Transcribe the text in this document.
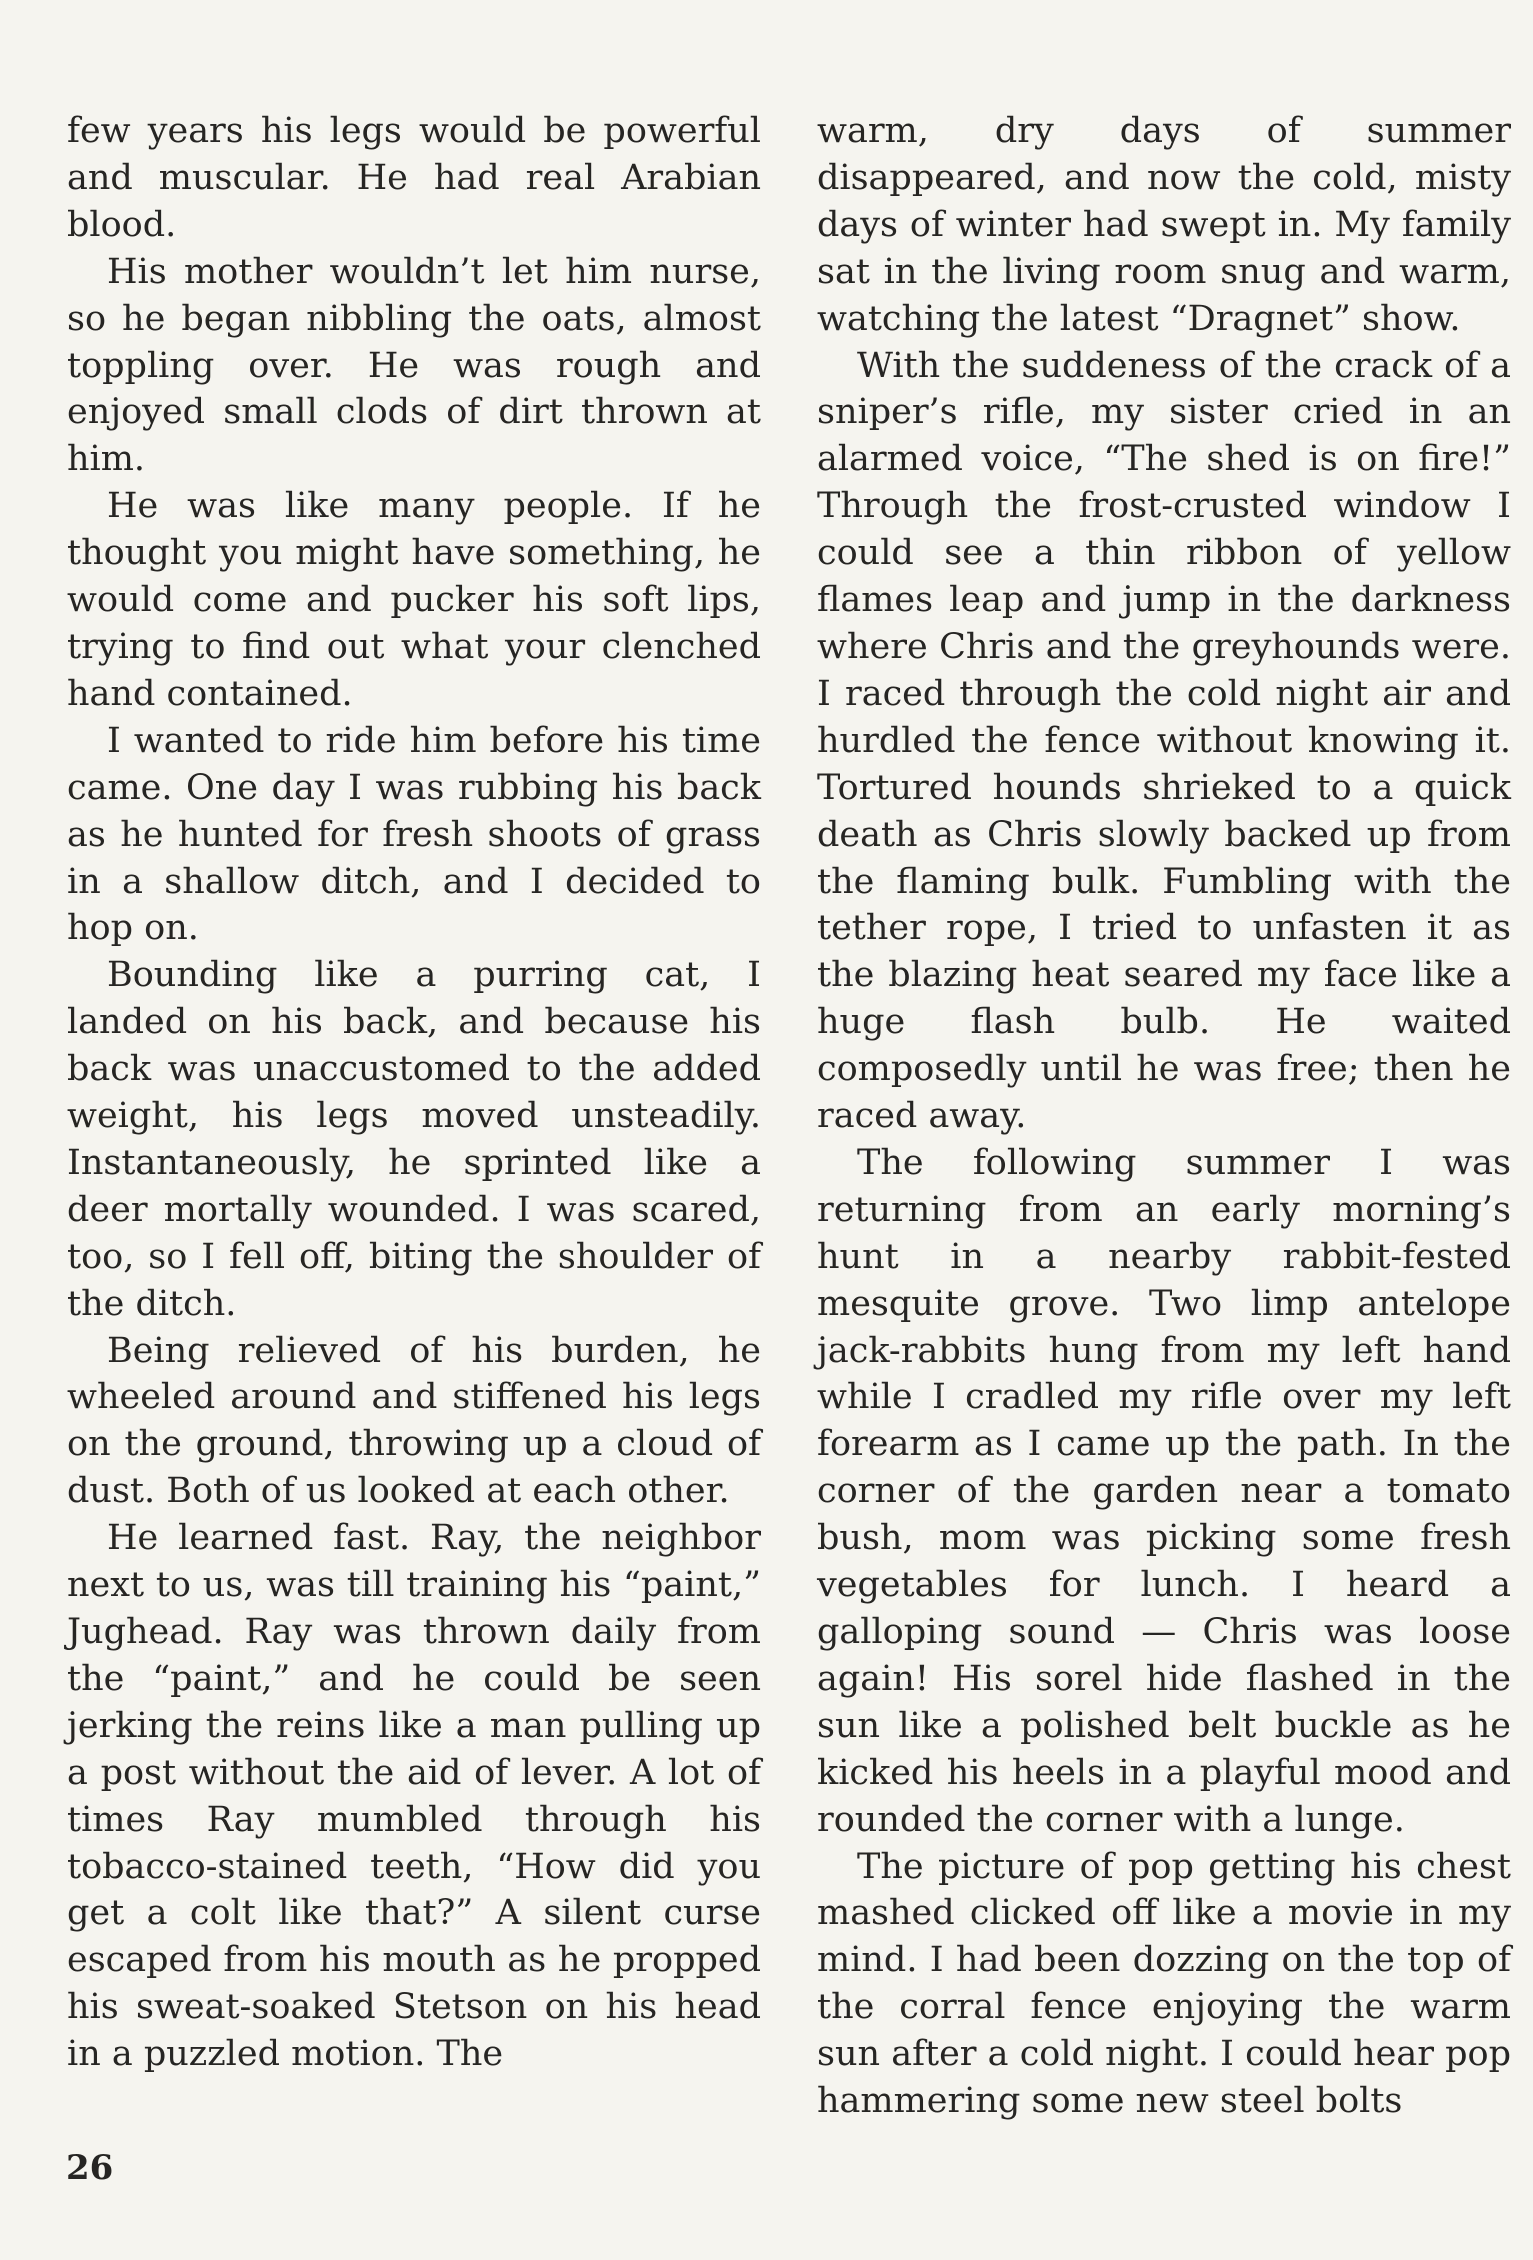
few years his legs would be powerful and muscular. He had real Arabian blood.

His mother wouldn’t let him nurse, so he began nibbling the oats, almost toppling over. He was rough and enjoyed small clods of dirt thrown at him.

He was like many people. If he thought you might have something, he would come and pucker his soft lips, trying to find out what your clenched hand contained.

I wanted to ride him before his time came. One day I was rubbing his back as he hunted for fresh shoots of grass in a shallow ditch, and I decided to hop on.

Bounding like a purring cat, I landed on his back, and because his back was unaccustomed to the added weight, his legs moved unsteadily. Instantaneously, he sprinted like a deer mortally wounded. I was scared, too, so I fell off, biting the shoulder of the ditch.

Being relieved of his burden, he wheeled around and stiffened his legs on the ground, throwing up a cloud of dust. Both of us looked at each other.

He learned fast. Ray, the neighbor next to us, was till training his “paint,” Jughead. Ray was thrown daily from the “paint,” and he could be seen jerking the reins like a man pulling up a post without the aid of lever. A lot of times Ray mumbled through his tobacco-stained teeth, “How did you get a colt like that?” A silent curse escaped from his mouth as he propped his sweat-soaked Stetson on his head in a puzzled motion. The

warm, dry days of summer disappeared, and now the cold, misty days of winter had swept in. My family sat in the living room snug and warm, watching the latest “Dragnet” show.

With the suddeness of the crack of a sniper’s rifle, my sister cried in an alarmed voice, “The shed is on fire!” Through the frost-crusted window I could see a thin ribbon of yellow flames leap and jump in the darkness where Chris and the greyhounds were. I raced through the cold night air and hurdled the fence without knowing it. Tortured hounds shrieked to a quick death as Chris slowly backed up from the flaming bulk. Fumbling with the tether rope, I tried to unfasten it as the blazing heat seared my face like a huge flash bulb. He waited composedly until he was free; then he raced away.

The following summer I was returning from an early morning’s hunt in a nearby rabbit-fested mesquite grove. Two limp antelope jack-rabbits hung from my left hand while I cradled my rifle over my left forearm as I came up the path. In the corner of the garden near a tomato bush, mom was picking some fresh vegetables for lunch. I heard a galloping sound — Chris was loose again! His sorel hide flashed in the sun like a polished belt buckle as he kicked his heels in a playful mood and rounded the corner with a lunge.

The picture of pop getting his chest mashed clicked off like a movie in my mind. I had been dozzing on the top of the corral fence enjoying the warm sun after a cold night. I could hear pop hammering some new steel bolts

26
